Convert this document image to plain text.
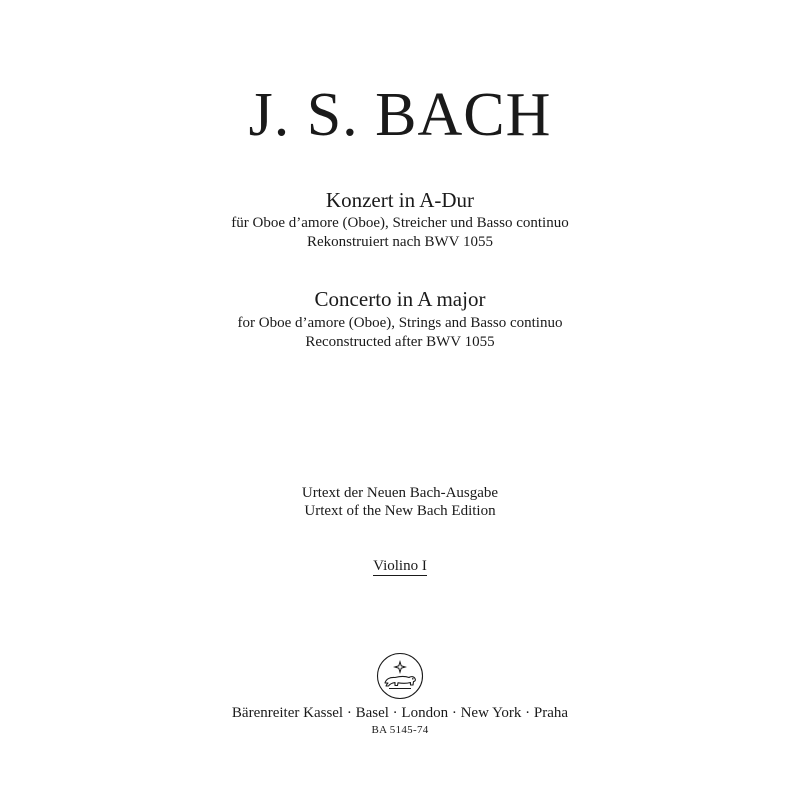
J. S. BACH
Konzert in A-Dur
für Oboe d’amore (Oboe), Streicher und Basso continuo
Rekonstruiert nach BWV 1055
Concerto in A major
for Oboe d’amore (Oboe), Strings and Basso continuo
Reconstructed after BWV 1055
Urtext der Neuen Bach-Ausgabe
Urtext of the New Bach Edition
Violino I
Bärenreiter Kassel · Basel · London · New York · Praha
BA 5145-74
